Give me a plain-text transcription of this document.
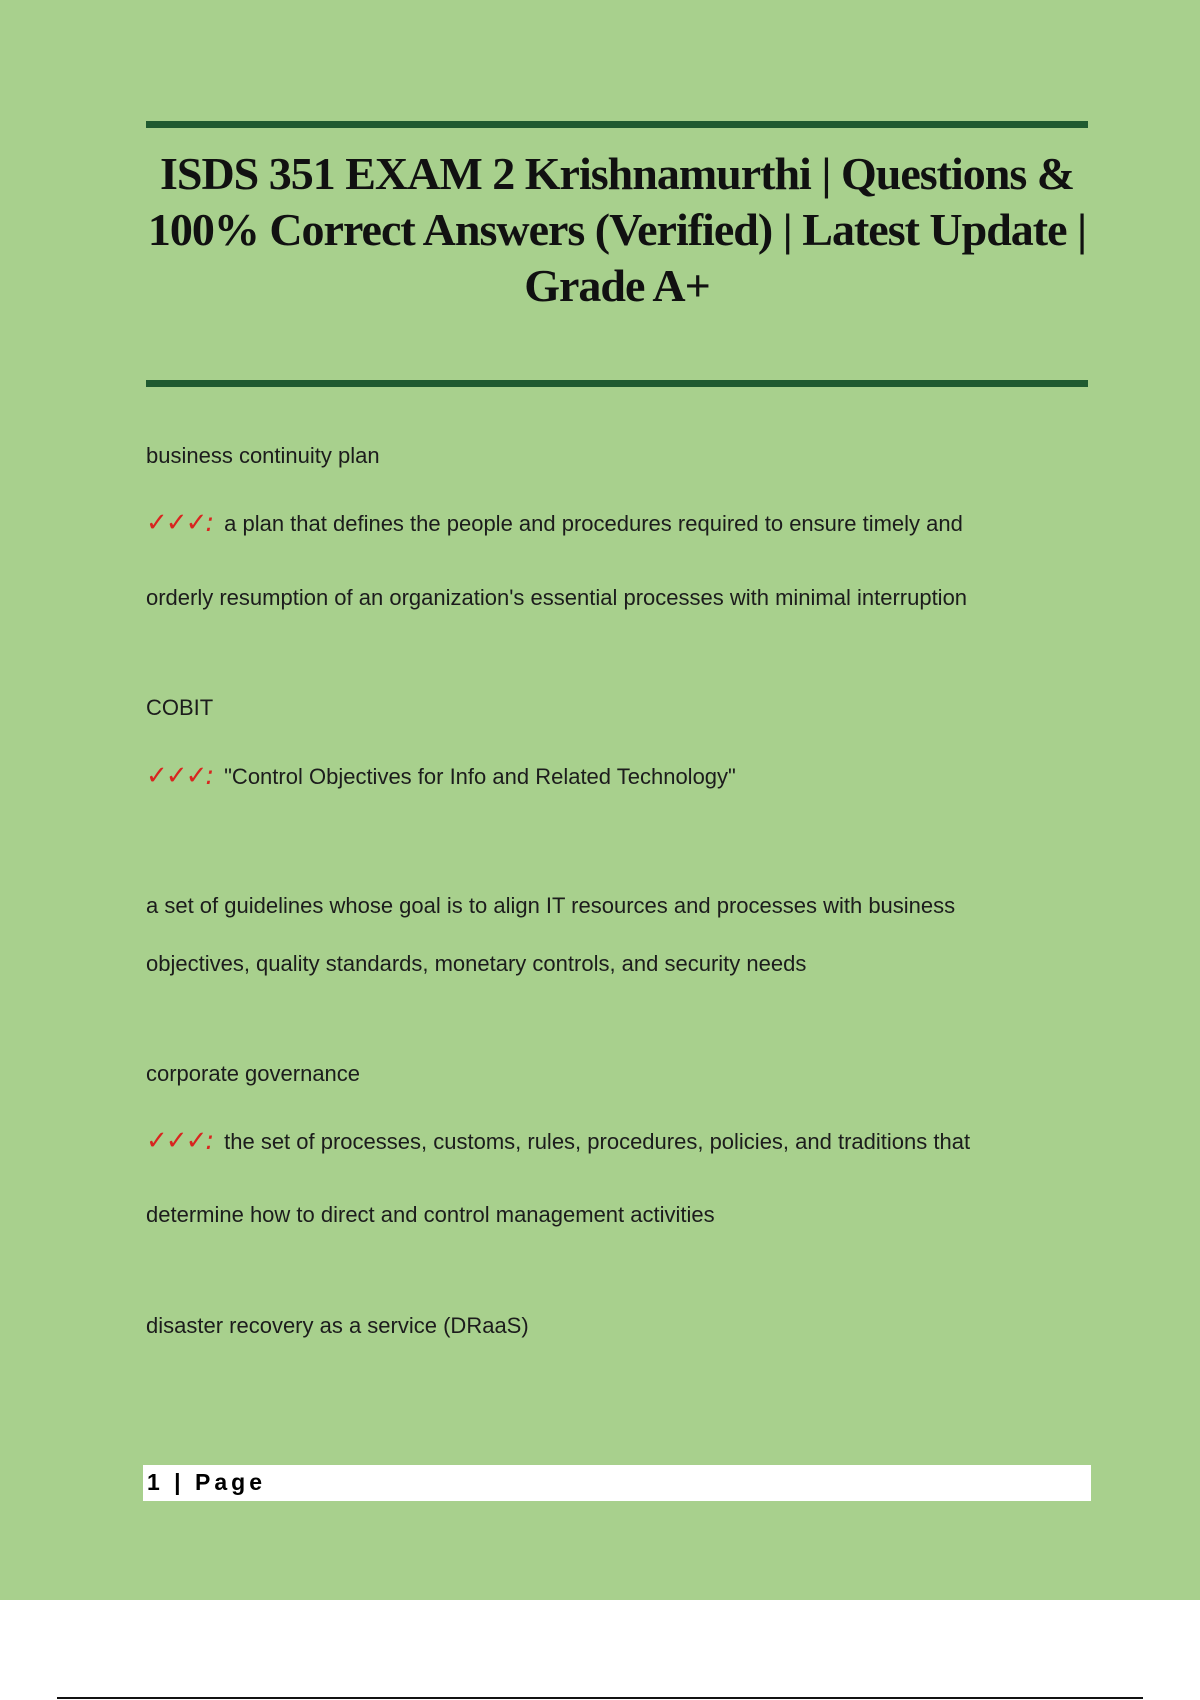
ISDS 351 EXAM 2 Krishnamurthi | Questions & 100% Correct Answers (Verified) | Latest Update | Grade A+
business continuity plan
✓✓✓: a plan that defines the people and procedures required to ensure timely and
orderly resumption of an organization's essential processes with minimal interruption
COBIT
✓✓✓: "Control Objectives for Info and Related Technology"
a set of guidelines whose goal is to align IT resources and processes with business
objectives, quality standards, monetary controls, and security needs
corporate governance
✓✓✓: the set of processes, customs, rules, procedures, policies, and traditions that
determine how to direct and control management activities
disaster recovery as a service (DRaaS)
1 | Page
